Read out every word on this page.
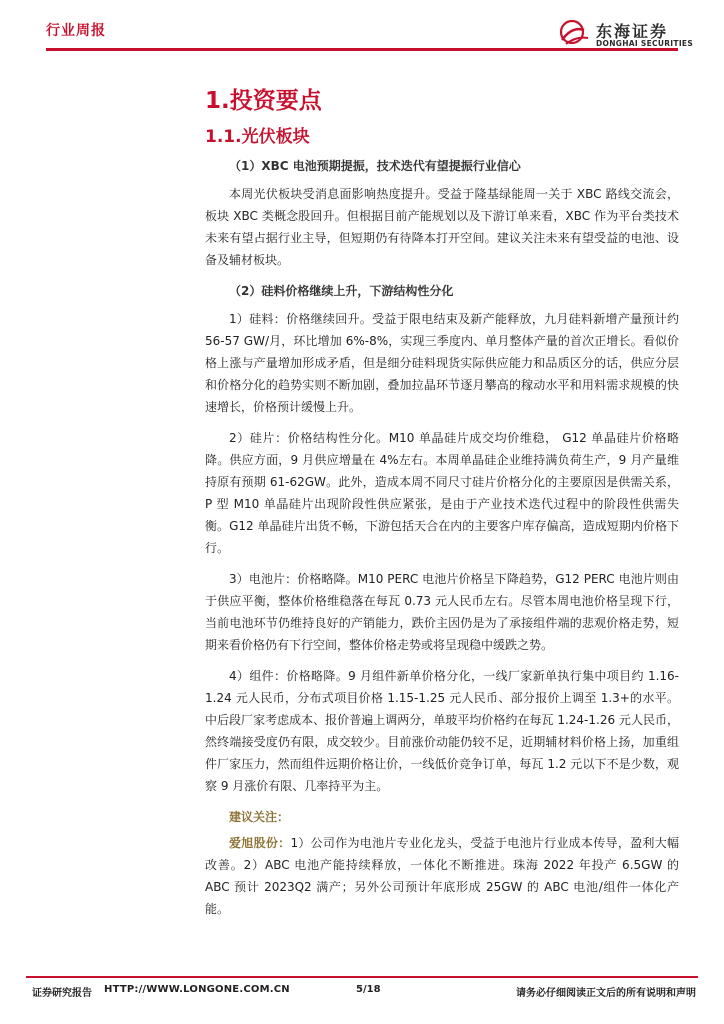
行业周报	东海证券
DONGHAI SECURITIES
1.投资要点
1.1.光伏板块

（1）XBC 电池预期提振，技术迭代有望提振行业信心

本周光伏板块受消息面影响热度提升。受益于隆基绿能周一关于 XBC 路线交流会，板块 XBC 类概念股回升。但根据目前产能规划以及下游订单来看，XBC 作为平台类技术未来有望占据行业主导，但短期仍有待降本打开空间。建议关注未来有望受益的电池、设备及辅材板块。

（2）硅料价格继续上升，下游结构性分化

1）硅料：价格继续回升。受益于限电结束及新产能释放，九月硅料新增产量预计约 56-57 GW/月，环比增加 6%-8%，实现三季度内、单月整体产量的首次正增长。看似价格上涨与产量增加形成矛盾，但是细分硅料现货实际供应能力和品质区分的话，供应分层和价格分化的趋势实则不断加剧，叠加拉晶环节逐月攀高的稼动水平和用料需求规模的快速增长，价格预计缓慢上升。

2）硅片：价格结构性分化。M10 单晶硅片成交均价维稳， G12 单晶硅片价格略降。供应方面，9 月供应增量在 4%左右。本周单晶硅企业维持满负荷生产，9 月产量维持原有预期 61-62GW。此外，造成本周不同尺寸硅片价格分化的主要原因是供需关系，P 型 M10 单晶硅片出现阶段性供应紧张，是由于产业技术迭代过程中的阶段性供需失衡。G12 单晶硅片出货不畅，下游包括天合在内的主要客户库存偏高，造成短期内价格下行。

3）电池片：价格略降。M10 PERC 电池片价格呈下降趋势，G12 PERC 电池片则由于供应平衡，整体价格维稳落在每瓦 0.73 元人民币左右。尽管本周电池价格呈现下行，当前电池环节仍维持良好的产销能力，跌价主因仍是为了承接组件端的悲观价格走势，短期来看价格仍有下行空间，整体价格走势或将呈现稳中缓跌之势。

4）组件：价格略降。9 月组件新单价格分化，一线厂家新单执行集中项目约 1.16-1.24 元人民币，分布式项目价格 1.15-1.25 元人民币、部分报价上调至 1.3+的水平。中后段厂家考虑成本、报价普遍上调两分，单玻平均价格约在每瓦 1.24-1.26 元人民币，然终端接受度仍有限，成交较少。目前涨价动能仍较不足，近期辅材料价格上扬，加重组件厂家压力，然而组件远期价格让价，一线低价竞争订单，每瓦 1.2 元以下不是少数，观察 9 月涨价有限、几率持平为主。

建议关注：

爱旭股份：1）公司作为电池片专业化龙头，受益于电池片行业成本传导，盈利大幅改善。2）ABC 电池产能持续释放，一体化不断推进。珠海 2022 年投产 6.5GW 的 ABC 预计 2023Q2 满产；另外公司预计年底形成 25GW 的 ABC 电池/组件一体化产能。

证券研究报告 HTTP://WWW.LONGONE.COM.CN	5/18	请务必仔细阅读正文后的所有说明和声明
